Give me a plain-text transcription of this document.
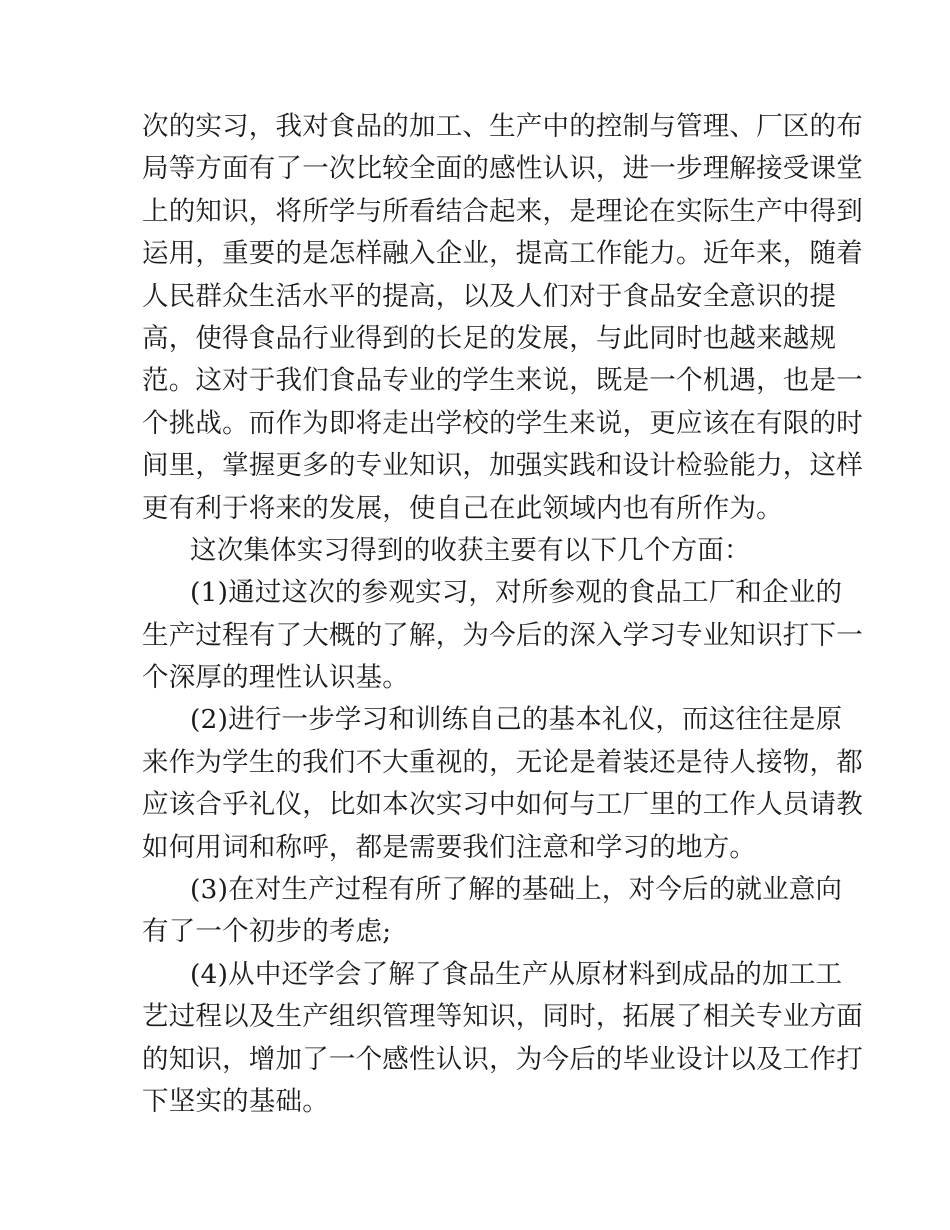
次的实习，我对食品的加工、生产中的控制与管理、厂区的布
局等方面有了一次比较全面的感性认识，进一步理解接受课堂
上的知识，将所学与所看结合起来，是理论在实际生产中得到
运用，重要的是怎样融入企业，提高工作能力。近年来，随着
人民群众生活水平的提高，以及人们对于食品安全意识的提
高，使得食品行业得到的长足的发展，与此同时也越来越规
范。这对于我们食品专业的学生来说，既是一个机遇，也是一
个挑战。而作为即将走出学校的学生来说，更应该在有限的时
间里，掌握更多的专业知识，加强实践和设计检验能力，这样
更有利于将来的发展，使自己在此领域内也有所作为。

这次集体实习得到的收获主要有以下几个方面：

(1)通过这次的参观实习，对所参观的食品工厂和企业的
生产过程有了大概的了解，为今后的深入学习专业知识打下一
个深厚的理性认识基。

(2)进行一步学习和训练自己的基本礼仪，而这往往是原
来作为学生的我们不大重视的，无论是着装还是待人接物，都
应该合乎礼仪，比如本次实习中如何与工厂里的工作人员请教
如何用词和称呼，都是需要我们注意和学习的地方。

(3)在对生产过程有所了解的基础上，对今后的就业意向
有了一个初步的考虑;

(4)从中还学会了解了食品生产从原材料到成品的加工工
艺过程以及生产组织管理等知识，同时，拓展了相关专业方面
的知识，增加了一个感性认识，为今后的毕业设计以及工作打
下坚实的基础。
